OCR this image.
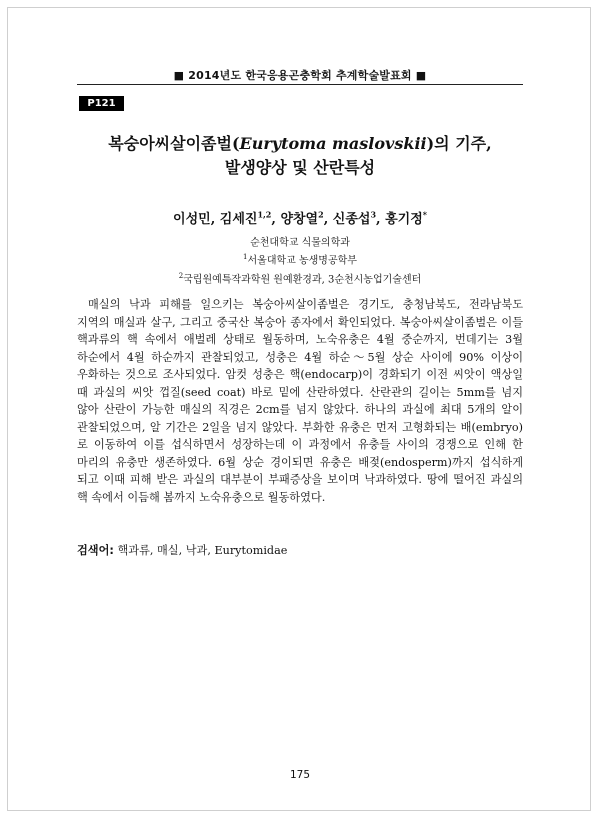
■ 2014년도 한국응용곤충학회 추계학술발표회 ■
P121
복숭아씨살이좀벌(Eurytoma maslovskii)의 기주,
발생양상 및 산란특성
이성민, 김세진$^{1,2}$, 양창열$^2$, 신종섭$^3$, 홍기정*
순천대학교 식물의학과
$^1$서울대학교 농생명공학부
$^2$국립원예특작과학원 원예환경과, 3순천시농업기술센터

매실의 낙과 피해를 일으키는 복숭아씨살이좀벌은 경기도, 충청남북도, 전라남북도 지역의 매실과 살구, 그리고 중국산 복숭아 종자에서 확인되었다. 복숭아씨살이좀벌은 이들 핵과류의 핵 속에서 애벌레 상태로 월동하며, 노숙유충은 4월 중순까지, 번데기는 3월 하순에서 4월 하순까지 관찰되었고, 성충은 4월 하순～5월 상순 사이에 90% 이상이 우화하는 것으로 조사되었다. 암컷 성충은 핵(endocarp)이 경화되기 이전 씨앗이 액상일 때 과실의 씨앗 껍질(seed coat) 바로 밑에 산란하였다. 산란관의 길이는 5mm를 넘지 않아 산란이 가능한 매실의 직경은 2cm를 넘지 않았다. 하나의 과실에 최대 5개의 알이 관찰되었으며, 알 기간은 2일을 넘지 않았다. 부화한 유충은 먼저 고형화되는 배(embryo)로 이동하여 이를 섭식하면서 성장하는데 이 과정에서 유충들 사이의 경쟁으로 인해 한 마리의 유충만 생존하였다. 6월 상순 경이되면 유충은 배젖(endosperm)까지 섭식하게 되고 이때 피해 받은 과실의 대부분이 부패증상을 보이며 낙과하였다. 땅에 떨어진 과실의 핵 속에서 이듬해 봄까지 노숙유충으로 월동하였다.

검색어: 핵과류, 매실, 낙과, Eurytomidae
175
